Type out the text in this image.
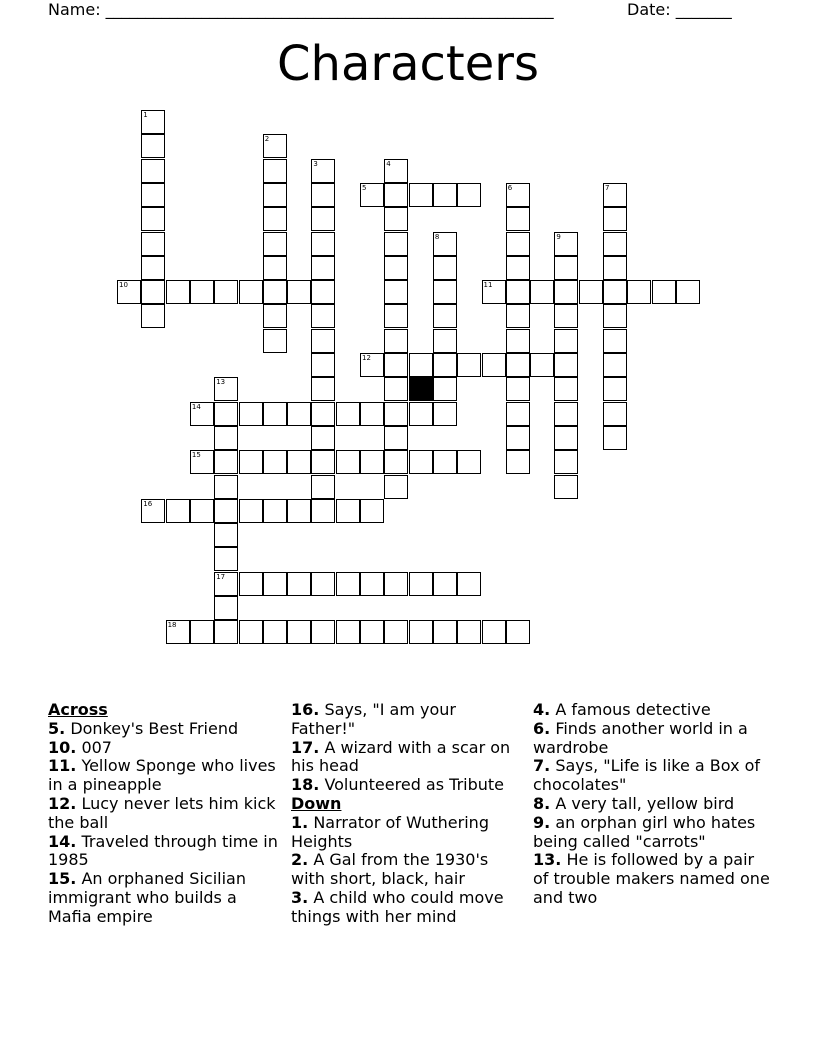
Name: ________________________________________________________	Date: _______
Characters
1
2
3	4
5	6	7
8	9
10	11
12
13
17
14
15
16
18
Across
5. Donkey's Best Friend
10. 007
11. Yellow Sponge who lives in a pineapple
12. Lucy never lets him kick the ball
14. Traveled through time in 1985
15. An orphaned Sicilian immigrant who builds a Mafia empire
16. Says, "I am your Father!"
17. A wizard with a scar on his head
18. Volunteered as Tribute
Down
1. Narrator of Wuthering Heights
2. A Gal from the 1930's with short, black, hair
3. A child who could move things with her mind
4. A famous detective
6. Finds another world in a wardrobe
7. Says, "Life is like a Box of chocolates"
8. A very tall, yellow bird
9. an orphan girl who hates being called "carrots"
13. He is followed by a pair of trouble makers named one and two
